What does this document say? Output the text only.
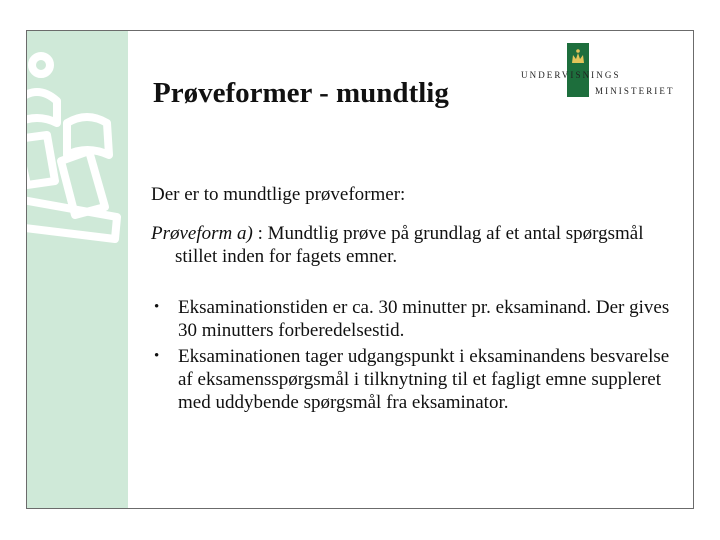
Prøveformer - mundtlig
UNDERVISNINGS
MINISTERIET

Der er to mundtlige prøveformer:

Prøveform a) : Mundtlig prøve på grundlag af et antal spørgsmål stillet inden for fagets emner.

• Eksaminationstiden er ca. 30 minutter pr. eksaminand. Der gives 30 minutters forberedelsestid.
• Eksaminationen tager udgangspunkt i eksaminandens besvarelse af eksamensspørgsmål i tilknytning til et fagligt emne suppleret med uddybende spørgsmål fra eksaminator.
